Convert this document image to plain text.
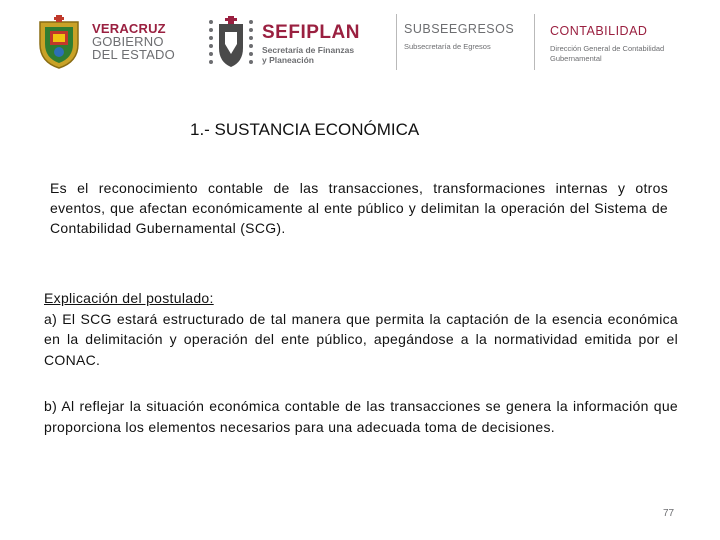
VERACRUZ
GOBIERNO
DEL ESTADO
SEFIPLAN
Secretaría de Finanzas
y Planeación
SUBSEEGRESOS
Subsecretaría de Egresos
CONTABILIDAD
Dirección General de Contabilidad Gubernamental
1.- SUSTANCIA ECONÓMICA
Es el reconocimiento contable de las transacciones, transformaciones internas y otros eventos, que afectan económicamente al ente público y delimitan la operación del Sistema de Contabilidad Gubernamental (SCG).
Explicación del postulado:
a) El SCG estará estructurado de tal manera que permita la captación de la esencia económica en la delimitación y operación del ente público, apegándose a la normatividad emitida por el CONAC.
b) Al reflejar la situación económica contable de las transacciones se genera la información que proporciona los elementos necesarios para una adecuada toma de decisiones.
77
